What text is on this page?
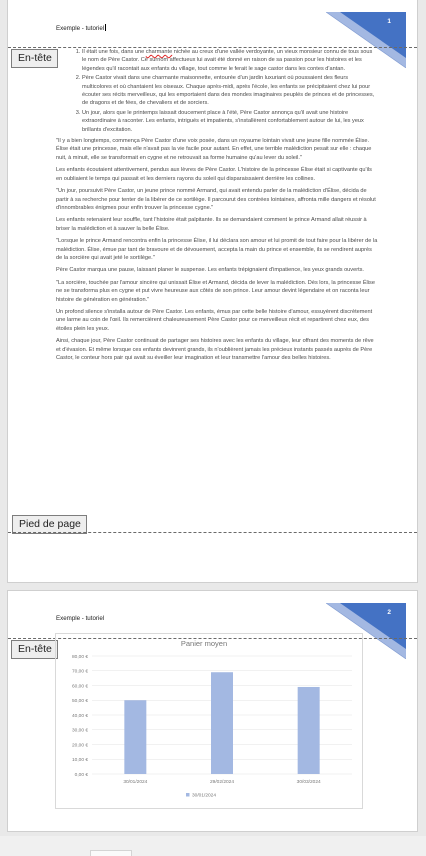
Exemple - tutoriel
1
En-tête
1.	Il était une fois, dans une charmante nichée au creux d'une vallée verdoyante, un vieux monsieur connu de tous sous le nom de Père Castor. Ce surnom affectueux lui avait été donné en raison de sa passion pour les histoires et les légendes qu'il racontait aux enfants du village, tout comme le ferait le sage castor dans les contes d'antan.
2. Père Castor vivait dans une charmante maisonnette, entourée d'un jardin luxuriant où poussaient des fleurs multicolores et où chantaient les oiseaux. Chaque après-midi, après l'école, les enfants se précipitaient chez lui pour écouter ses récits merveilleux, qui les emportaient dans des mondes imaginaires peuplés de princes et de princesses, de dragons et de fées, de chevaliers et de sorciers.
3. Un jour, alors que le printemps laissait doucement place à l'été, Père Castor annonça qu'il avait une histoire extraordinaire à raconter. Les enfants, intrigués et impatients, s'installèrent confortablement autour de lui, les yeux brillants d'excitation.

"Il y a bien longtemps, commença Père Castor d'une voix posée, dans un royaume lointain vivait une jeune fille nommée Élise. Élise était une princesse, mais elle n'avait pas la vie facile pour autant. En effet, une terrible malédiction pesait sur elle : chaque nuit, à minuit, elle se transformait en cygne et ne retrouvait sa forme humaine qu'au lever du soleil."

Les enfants écoutaient attentivement, pendus aux lèvres de Père Castor. L'histoire de la princesse Élise était si captivante qu'ils en oubliaient le temps qui passait et les derniers rayons du soleil qui disparaissaient derrière les collines.

"Un jour, poursuivit Père Castor, un jeune prince nommé Armand, qui avait entendu parler de la malédiction d'Élise, décida de partir à sa recherche pour tenter de la libérer de ce sortilège. Il parcourut des contrées lointaines, affronta mille dangers et résolut d'innombrables énigmes pour enfin trouver la princesse cygne."

Les enfants retenaient leur souffle, tant l'histoire était palpitante. Ils se demandaient comment le prince Armand allait réussir à briser la malédiction et à sauver la belle Élise.

"Lorsque le prince Armand rencontra enfin la princesse Élise, il lui déclara son amour et lui promit de tout faire pour la libérer de la malédiction. Élise, émue par tant de bravoure et de dévouement, accepta la main du prince et ensemble, ils se rendirent auprès de la sorcière qui avait jeté le sortilège."

Père Castor marqua une pause, laissant planer le suspense. Les enfants trépignaient d'impatience, les yeux grands ouverts.

"La sorcière, touchée par l'amour sincère qui unissait Élise et Armand, décida de lever la malédiction. Dès lors, la princesse Élise ne se transforma plus en cygne et put vivre heureuse aux côtés de son prince. Leur amour devint légendaire et on raconta leur histoire de génération en génération."

Un profond silence s'installa autour de Père Castor. Les enfants, émus par cette belle histoire d'amour, essuyèrent discrètement une larme au coin de l'œil. Ils remercièrent chaleureusement Père Castor pour ce merveilleux récit et repartirent chez eux, des étoiles plein les yeux.

Ainsi, chaque jour, Père Castor continuait de partager ses histoires avec les enfants du village, leur offrant des moments de rêve et d'évasion. Et même lorsque ces enfants devinrent grands, ils n'oublièrent jamais les précieux instants passés auprès de Père Castor, le conteur hors pair qui avait su éveiller leur imagination et leur transmettre l'amour des belles histoires.

Pied de page
Exemple - tutoriel
2
En-tête	Panier moyen
0,00 €
10,00 €
20,00 €
30,00 €
40,00 €
50,00 €
60,00 €
70,00 €
80,00 €
30/01/2024	29/02/2024	30/03/2024
30/01/2024
